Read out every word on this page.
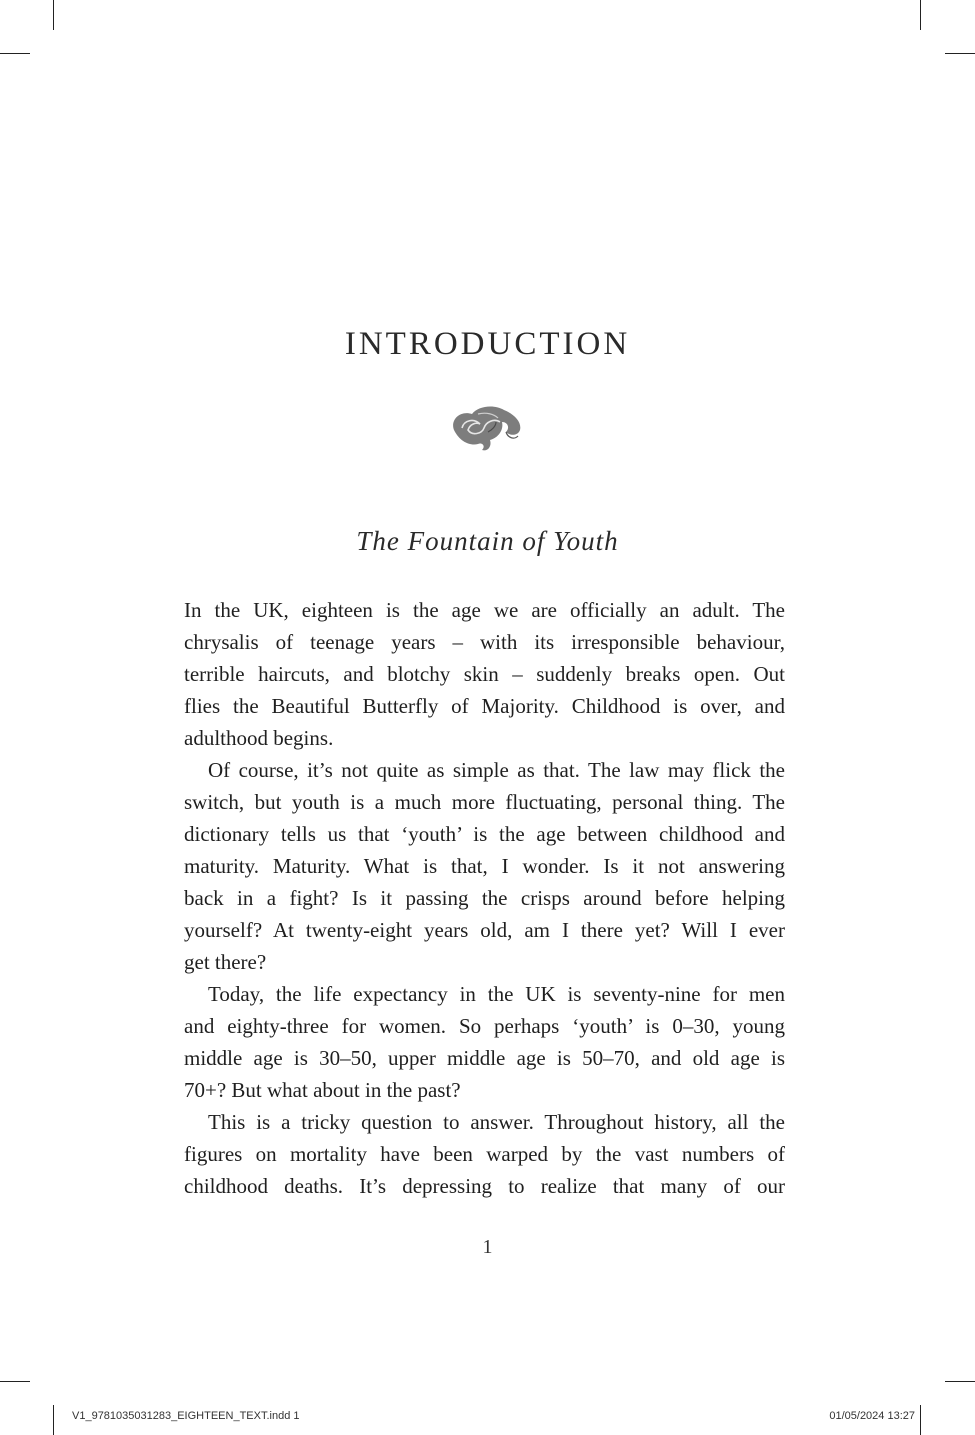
INTRODUCTION
The Fountain of Youth

In the UK, eighteen is the age we are officially an adult. The
chrysalis of teenage years – with its irresponsible behaviour,
terrible haircuts, and blotchy skin – suddenly breaks open. Out
flies the Beautiful Butterfly of Majority. Childhood is over, and
adulthood begins.

Of course, it’s not quite as simple as that. The law may flick the
switch, but youth is a much more fluctuating, personal thing. The
dictionary tells us that ‘youth’ is the age between childhood and
maturity. Maturity. What is that, I wonder. Is it not answering
back in a fight? Is it passing the crisps around before helping
yourself? At twenty-eight years old, am I there yet? Will I ever
get there?

Today, the life expectancy in the UK is seventy-nine for men
and eighty-three for women. So perhaps ‘youth’ is 0–30, young
middle age is 30–50, upper middle age is 50–70, and old age is
70+? But what about in the past?

This is a tricky question to answer. Throughout history, all the
figures on mortality have been warped by the vast numbers of
childhood deaths. It’s depressing to realize that many of our

1
V1_9781035031283_EIGHTEEN_TEXT.indd 1	01/05/2024 13:27
